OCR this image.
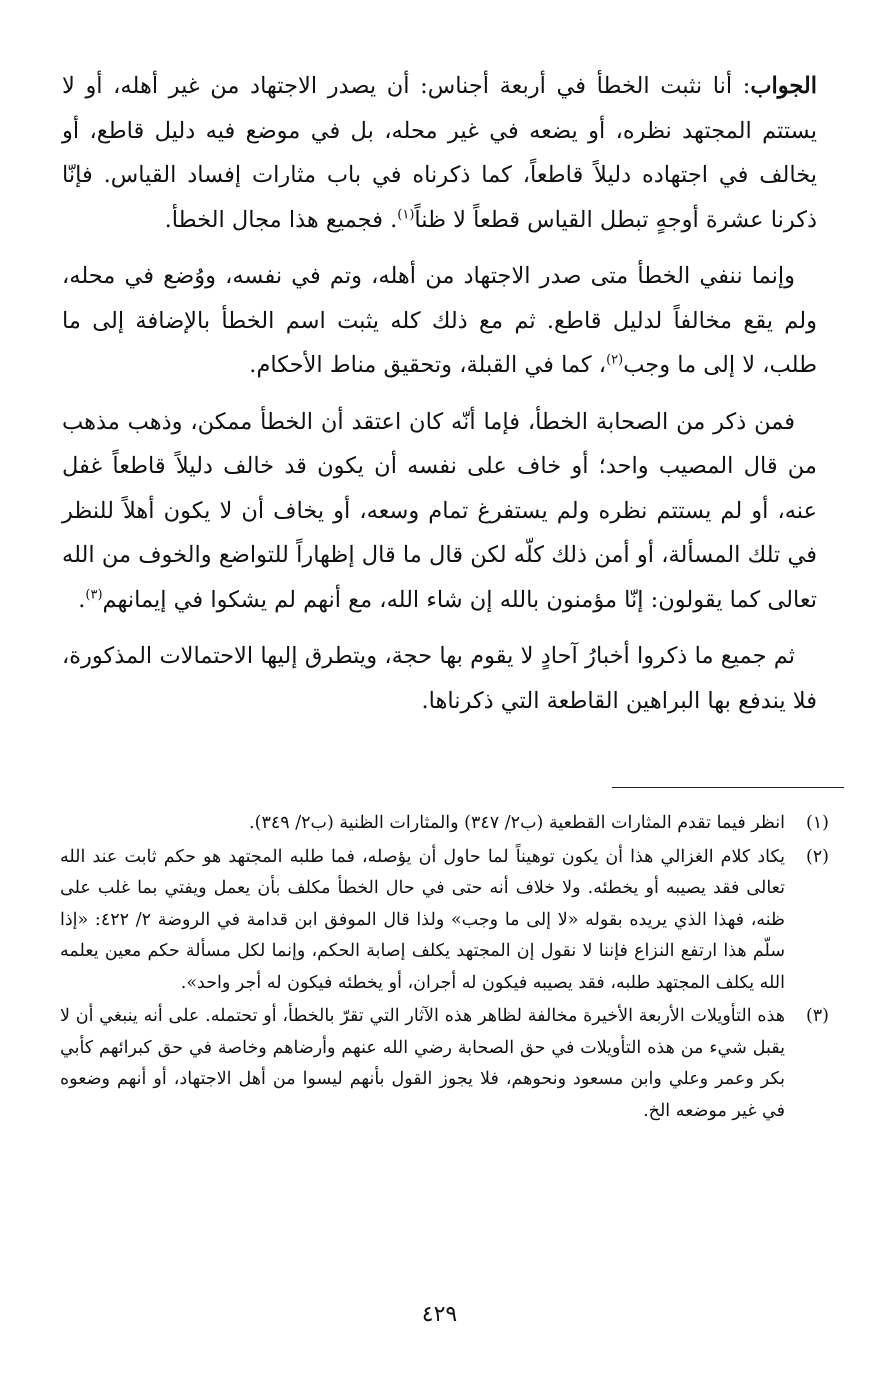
الجواب: أنا نثبت الخطأ في أربعة أجناس: أن يصدر الاجتهاد من غير أهله، أو لا يستتم المجتهد نظره، أو يضعه في غير محله، بل في موضع فيه دليل قاطع، أو يخالف في اجتهاده دليلاً قاطعاً، كما ذكرناه في باب مثارات إفساد القياس. فإنّا ذكرنا عشرة أوجهٍ تبطل القياس قطعاً لا ظناً$^{(١)}$. فجميع هذا مجال الخطأ.

وإنما ننفي الخطأ متى صدر الاجتهاد من أهله، وتم في نفسه، ووُضع في محله، ولم يقع مخالفاً لدليل قاطع. ثم مع ذلك كله يثبت اسم الخطأ بالإضافة إلى ما طلب، لا إلى ما وجب$^{(٢)}$، كما في القبلة، وتحقيق مناط الأحكام.

فمن ذكر من الصحابة الخطأ، فإما أنّه كان اعتقد أن الخطأ ممكن، وذهب مذهب من قال المصيب واحد؛ أو خاف على نفسه أن يكون قد خالف دليلاً قاطعاً غفل عنه، أو لم يستتم نظره ولم يستفرغ تمام وسعه، أو يخاف أن لا يكون أهلاً للنظر في تلك المسألة، أو أمن ذلك كلّه لكن قال ما قال إظهاراً للتواضع والخوف من الله تعالى كما يقولون: إنّا مؤمنون بالله إن شاء الله، مع أنهم لم يشكوا في إيمانهم$^{(٣)}$.

ثم جميع ما ذكروا أخبارُ آحادٍ لا يقوم بها حجة، ويتطرق إليها الاحتمالات المذكورة، فلا يندفع بها البراهين القاطعة التي ذكرناها.

(١)
انظر فيما تقدم المثارات القطعية (ب٢/ ٣٤٧) والمثارات الظنية (ب٢/ ٣٤٩).
(٢)
يكاد كلام الغزالي هذا أن يكون توهيناً لما حاول أن يؤصله، فما طلبه المجتهد هو حكم ثابت عند الله تعالى فقد يصيبه أو يخطئه. ولا خلاف أنه حتى في حال الخطأ مكلف بأن يعمل ويفتي بما غلب على ظنه، فهذا الذي يريده بقوله «لا إلى ما وجب» ولذا قال الموفق ابن قدامة في الروضة ٢/ ٤٢٢: «إذا سلّم هذا ارتفع النزاع فإننا لا نقول إن المجتهد يكلف إصابة الحكم، وإنما لكل مسألة حكم معين يعلمه الله يكلف المجتهد طلبه، فقد يصيبه فيكون له أجران، أو يخطئه فيكون له أجر واحد».
(٣)
هذه التأويلات الأربعة الأخيرة مخالفة لظاهر هذه الآثار التي تقرّ بالخطأ، أو تحتمله. على أنه ينبغي أن لا يقبل شيء من هذه التأويلات في حق الصحابة رضي الله عنهم وأرضاهم وخاصة في حق كبرائهم كأبي بكر وعمر وعلي وابن مسعود ونحوهم، فلا يجوز القول بأنهم ليسوا من أهل الاجتهاد، أو أنهم وضعوه في غير موضعه الخ.
٤٢٩
